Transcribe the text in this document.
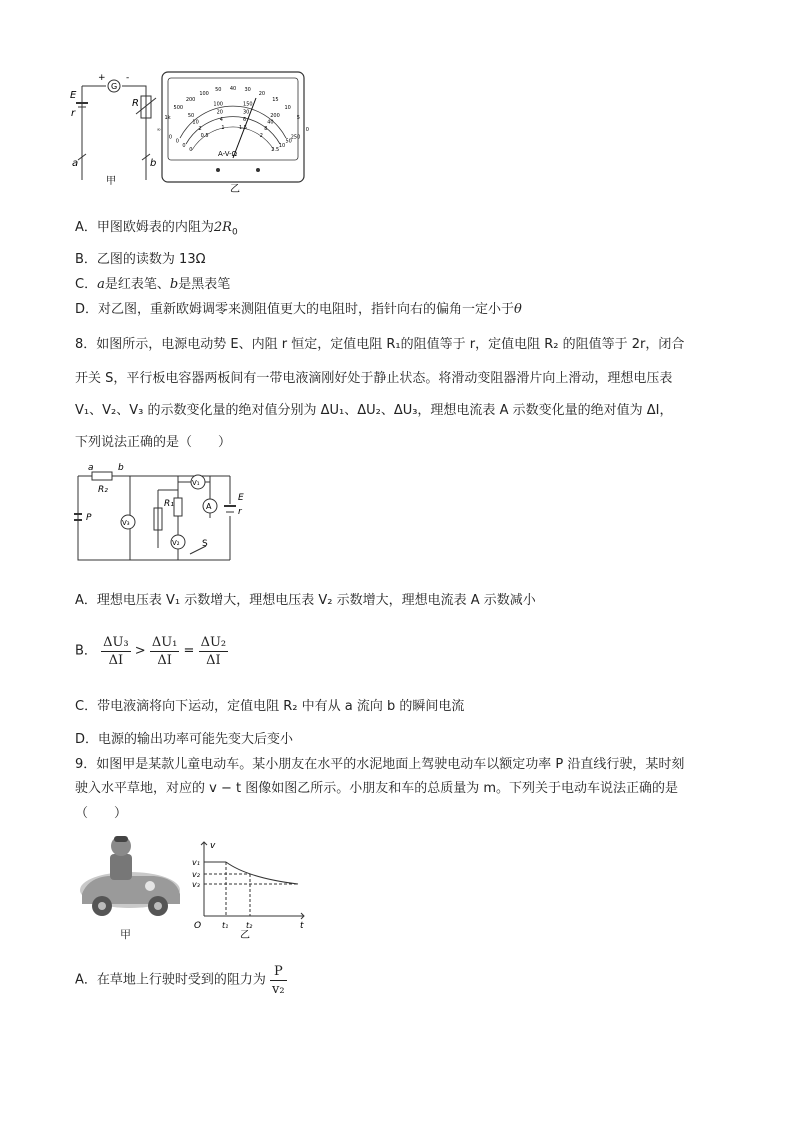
G
+ -
E
r
R
a	b
甲
∞
1k
500
200
100
50 40 30
20
15
10
5
0
0
50
100	150
200
250
0
10
20	30
40
50
0
2
4	6
8
10
0
0.5
1	1.5
2
2.5
A-V-Ω
乙
A．甲图欧姆表的内阻为$2R_0$
B．乙图的读数为 13Ω
C．a是红表笔、b是黑表笔
D．对乙图，重新欧姆调零来测阻值更大的电阻时，指针向右的偏角一定小于θ
8．如图所示，电源电动势 E、内阻 r 恒定，定值电阻 R₁的阻值等于 r，定值电阻 R₂ 的阻值等于 2r，闭合
开关 S，平行板电容器两板间有一带电液滴刚好处于静止状态。将滑动变阻器滑片向上滑动，理想电压表
V₁、V₂、V₃ 的示数变化量的绝对值分别为 ΔU₁、ΔU₂、ΔU₃，理想电流表 A 示数变化量的绝对值为 ΔI，
下列说法正确的是（　　）
a	b
R₂
R₁
P
E
r
V₃
V₁
V₂
A
S
A．理想电压表 V₁ 示数增大，理想电压表 V₂ 示数增大，理想电流表 A 示数减小
B． $\frac{\text{ΔU₃}}{\Delta I} > \frac{\text{ΔU₁}}{\Delta I} = \frac{\text{ΔU₂}}{\Delta I}$
C．带电液滴将向下运动，定值电阻 R₂ 中有从 a 流向 b 的瞬间电流
D．电源的输出功率可能先变大后变小
9．如图甲是某款儿童电动车。某小朋友在水平的水泥地面上驾驶电动车以额定功率 P 沿直线行驶，某时刻
驶入水平草地，对应的 v − t 图像如图乙所示。小朋友和车的总质量为 m。下列关于电动车说法正确的是
（　　）
甲
v
t
O
v₁
v₂
v₃
t₁ t₂
乙
A．在草地上行驶时受到的阻力为 $\frac{P}{\text{v₂}}$
